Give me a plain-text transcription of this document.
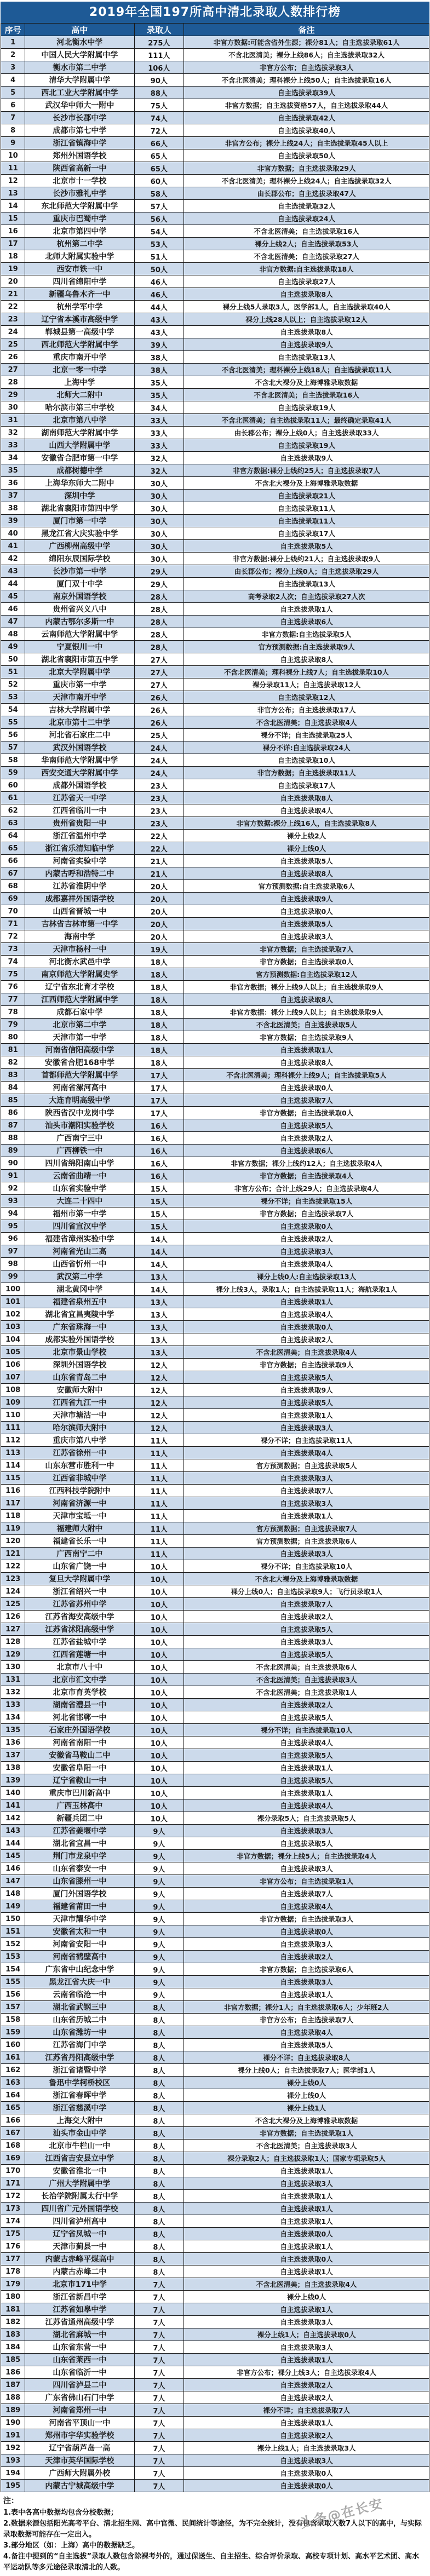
2019年全国197所高中清北录取人数排行榜
序号	高中	录取人	备注
1	河北衡水中学	275人	非官方数据:可能含省外生源；裸分81人；自主选拔录取61人
2	中国人民大学附属中学	111人	不含北医清美；裸分上线86人；自主选拔录取32人
3	衡水市第二中学	106人	非官方公布；自主选拔录取3人
4	清华大学附属中学	90人	不含北医清美；理科裸分上线50人；自主选拔录取16人
5	西北工业大学附属中学	88人	自主选拔录取39人
6	武汉华中师大一附中	75人	非官方数据；自主选拔资格57人，自主选拔录取44人
7	长沙市长郡中学	74人	自主选拔录取42人
8	成都市第七中学	72人	自主选拔录取40人
9	浙江省镇海中学	66人	非官方公布；裸分上线24人；自主选拔录取45人以上
10	郑州外国语学校	65人	自主选拔录取50人
11	陕西省高新一中	65人	非官方数据；自主选拔录取29人
12	北京市十一学校	60人	不含北医清美；理科裸分上线24人；自主选拔录取32人
13	长沙市雅礼中学	58人	由长郡公布；自主选拔录取47人
14	东北师范大学附属中学	57人	自主选拔录取32人
15	重庆市巴蜀中学	56人	自主选拔录取24人
16	北京市第四中学	54人	不含北医清美；自主选拔录取16人
17	杭州第二中学	53人	裸分上线2人；自主选拔录取53人
18	北师大附属实验中学	51人	不含北医清美；自主选拔录取27人
19	西安市铁一中	50人	非官方数据:自主选拔录取18人
20	四川省绵阳中学	46人	自主选拔录取27人
21	新疆乌鲁木齐一中	46人	自主选拔录取8人
22	杭州学军中学	44人	裸分上线5人录取3人，医学部1人，自主选拔录取40人
23	辽宁省本溪市高级中学	43人	裸分上线28人以上；自主选拔录取12人
24	郸城县第一高级中学	43人	自主选拔录取8人
25	西北师范大学附属中学	39人	自主选拔录取9人
26	重庆市南开中学	38人	自主选拔录取13人
27	北京一零一中学	38人	不含北医清美；理科裸分上线18人；自主选拔录取11人
28	上海中学	35人	不含北大裸分及上海博雅录取数据
29	北师大二附中	35人	不含北医清美；自主选拔录取16人
30	哈尔滨市第三中学校	34人	自主选拔录取19人
31	北京市第八中学	33人	不含北医清美；自主选拔录取11人；最终确定录取41人
32	湖南师范大学附属中学	33人	由长郡公布；裸分上线0人；自主选拔录取33人
33	山西大学附属中学	33人	自主选拔录取19人
34	安徽省合肥市第一中学	32人	自主选拔录取9人
35	成都树德中学	32人	非官方数据:裸分上线约25人；自主选拔录取7人
36	上海华东师大二附中	30人	不含北大裸分及上海博雅录取数据
37	深圳中学	30人	自主选拔录取21人
38	湖北省襄阳市第四中学	30人	自主选拔录取11人
39	厦门市第一中学	30人	自主选拔录取11人
40	黑龙江省大庆实验中学	30人	自主选拔录取17人
41	广西柳州高级中学	30人	自主选拔录取5人
42	绵阳东辰国际学校	30人	非官方数据:裸分上线约21人；自主选拔录取9人
43	长沙市第一中学	29人	由长郡公布；裸分上线0人；自主选拔录取29人
44	厦门双十中学	29人	自主选拔录取13人
45	南京外国语学校	28人	高考录取2人次；自主选拔录取27人次
46	贵州省兴义八中	28人	自主选拔录取1人
47	内蒙古鄂尔多斯一中	28人	自主选拔录取6人
48	云南师范大学附属中学	28人	非官方数据:自主选拔录取5人
49	宁夏银川一中	28人	官方预测数据:自主选拔录取9人
50	湖北省襄阳市第五中学	27人	自主选拔录取8人
51	北京大学附属中学	27人	不含北医清美；理科裸分上线7人；自主选拔录取10人
52	重庆市第一中学	27人	裸分录取11人；自主选拔录取12人
53	天津市南开中学	26人	自主选拔录取12人
54	吉林大学附属中学	26人	非官方公布；自主选拔录取17人
55	北京市第十二中学	26人	不含北医清美；自主选拔录取4人
56	河北省石家庄二中	25人	裸分不详；自主选拔录取25人
57	武汉外国语学校	24人	裸分不详:自主选拔录取24人
58	华南师范大学附属中学	24人	自主选拔录取10人
59	西安交通大学附属中学	24人	非官方数据；自主选拔录取11人
60	成都外国语学校	23人	自主选拔录取17人
61	江苏省天一中学	23人	自主选拔录取8人
62	江西省临川一中	23人	自主选拔录取4人
63	贵州省贵阳一中	23人	非官方数据:裸分上线16人，自主选拔录取8人
64	浙江省温州中学	22人	裸分上线2人
65	浙江省乐清知临中学	22人	裸分上线0人
66	河南省实验中学	21人	自主选拔录取5人
67	内蒙古呼和浩特二中	21人	自主选拔录取8人
68	江苏省淮阴中学	20人	官方预测数据:自主选拔录取6人
69	成都嘉祥外国语学校	20人	自主选拔录取9人
70	山西省晋城一中	20人	自主选拔录取0人
71	吉林省吉林市第一中学	20人	自主选拔录取5人
72	海南中学	20人	自主选拔录取3人
73	天津市杨村一中	19人	非官方数据；自主选拔录取7人
74	河北衡水武邑中学	18人	非官方数据；自主选拔录取0人
75	南京师范大学附属史学	18人	官方预测数据:自主选拔录取12人
76	辽宁省东北育才学校	18人	非官方数据；裸分上线9人以上；自主选拔录取9人
77	江西师范大学附属中学	18人	自主选拔录取8人
78	成都石室中学	18人	非官方数据：裸分上线9人以上；自主选拔录取9人
79	北京市第二中学	18人	不含北医清美；自主选拔录取5人
80	天津市第一中学	18人	非官方数据；自主选拔录取9人
81	河南省信阳高级中学	18人	自主选拔录取1人
82	安徽省合肥168中学	18人	自主选拔录取8人
83	首都师范大学附属中学	17人	不含北医清美；理科裸分上线9人；自主选拔录取5人
84	河南省漯河高中	17人	自主选拔录取0人
85	大连育明高级中学	17人	自主选拔录取7人
86	陕西省汉中龙岗中学	17人	非官方数据；自主选拔录取0人
87	汕头市潮阳实验学校	16人	自主选拔录取5人
88	广西南宁三中	16人	自主选拔录取2人
89	广西柳铁一中	16人	自主选拔录取6人
90	四川省绵阳南山中学	16人	非官方数据；裸分上线约12人；自主选拔录取4人
91	云南省曲靖一中	16人	非官方数据；自主选拔录取4人
92	山东省实验中学	15人	非官方公布；合计上线29人；自主选拔录取4人
93	大连二十四中	15人	裸分不详；自主选拔录取15人
94	福州市第一中学	15人	非官方数据；自主选拔录取7人
95	四川省宣汉中学	15人	自主选拔录取0人
96	福建省漳州实验中学	14人	自主选拔录取2人
97	河南省光山二高	14人	自主选拔录取3人
98	山西省忻州一中	14人	自主选拔录取4人
99	武汉第二中学	13人	裸分上线0人:自主选拔录取13人
100	湖北黄冈中学	14人	裸分上线3人，录取1人；自主选拔录取11人；海航录取1人
101	福建省泉州五中	13人	自主选拔录取1人
102	湖北省宜昌夷陵中学	13人	自主选拔录取4人
103	广东省珠海一中	13人	自主选拔录取0人
104	成都实验外国语学校	13人	自主选拔录取2人
105	北京市景山学校	13人	不含北医清美；自主选拔录取4人
106	深圳外国语学校	12人	非官方数据；自主选拔录取9人
107	山东省青岛二中	12人	自主选拔录取5人
108	安徽师大附中	12人	自主选拔录取9人
109	江西省九江一中	12人	自主选拔录取5人
110	天津市塘沽一中	12人	自主选拔录取1人
111	哈尔滨师大附中	12人	自主选拔录取3人
112	重庆市第八中学	11人	裸分不详；自主选拔录取11人
113	江苏省徐州一中	11人	自主选拔录取4人
114	山东东营市胜利一中	11人	官方预测数据；自主选拔录取5人
115	江西省非城中学	11人	自主选拔录取3人
116	江西科技学院附中	11人	自主选拔录取7人
117	河南省济源一中	11人	自主选拔录取3人
118	天津市宝坻一中	11人	自主选拔录取1人
119	福建师大附中	11人	官方预测数据；自主选拔录取7人
120	福建省长乐一中	11人	官方预测数据；自主选拔录取6人
121	广西南宁二中	11人	自主选拔录取3人
122	山东省广饶一中	10人	裸分不详；自主选拔录取10人
123	复旦大学附属中学	10人	不含北大裸分及上海博雅录取数据
124	浙江省绍兴一中	10人	裸分上线0人；自主选拔录取9人；飞行员录取1人
125	江苏省苏州中学	10人	自主选拔录取7人
126	江苏省海安高级中学	10人	自主选拔录取2人
127	江苏省沭阳高级中学	10人	自主选拔录取5人
128	江苏省盐城中学	10人	自主选拔录取3人
129	江西省莲塘一中	10人	自主选拔录取5人
130	北京市八十中	10人	不含北医清美；自主选拔录取6人
131	北京市汇文中学	10人	不含北医清美；自主选拔录取3人
132	北京市育英学校	10人	不含北医清美；自主选拔录取1人
133	湖南省澧县一中	10人	自主选拔录取2人
134	河北省邯郸一中	10人	自主选拔录取5人
135	石家庄外国语学校	10人	裸分不详；自主选拔录取10人
136	河南省南阳一中	10人	自主选拔录取4人
137	安徽省马鞍山二中	10人	自主选拔录取5人
138	安徽省阜阳一中	10人	自主选拔录取1人
139	辽宁省鞍山一中	10人	自主选拔录取5人
140	重庆市巴川新高中	10人	自主选拔录取1人
141	广西玉林高中	10人	自主选拔录取4人
142	新疆兵团二中	10人	裸分录取5人；自主选拔录取5人
143	江苏省姜堰中学	9人	自主选拔录取3人
144	湖北省宜昌一中	9人	自主选拔录取5人
145	荆门市龙泉中学	9人	非官方数据；裸分上线5人；自主选拔录取4人
146	山东省泰安一中	9人	自主选拔录取3人
147	山东省滕州一中	9人	非官方公布；自主选拔录取1人
148	厦门外国语学校	9人	自主选拔录取7人
149	福建省莆田一中	9人	自主选拔录取4人
150	天津市耀华中学	9人	非官方数据；自主选拔录取3人
151	安徽省太和一中	9人	自主选拔录取0人
152	河南省安阳一中	9人	自主选拔录取3人
153	河南省鹤壁高中	9人	自主选拔录取2人
154	广东省中山纪念中学	9人	非官方数据；自主选拔录取6人
155	黑龙江省大庆一中	9人	自主选拔录取3人
156	云南省临沧一中	9人	自主选拔录取1人
157	湖北省武钢三中	8人	非官方数据；裸分1人；自主选拔录取6人；少年班2人
158	山东省历城二中	8人	非官方公布；自主选拔录取7人
159	山东省潍坊一中	8人	自主选拔录取4人
160	江苏省海门中学	8人	自主选拔录取5人
161	江苏省丹阳高级中学	8人	裸分不详；自主选拔录取8人
162	浙江省诸暨中学	8人	裸分上线0人；自主选拔录取7人；医学部1人
163	鲁迅中学柯桥校区	8人	裸分上线0人
164	浙江省春晖中学	8人	裸分上线0人
165	浙江省慈溪中学	8人	裸分上线1人
166	上海交大附中	8人	不含北大裸分及上海博雅录取数据
167	汕头市金山中学	8人	非官方数据；自主选拔录取1人
168	北京市牛栏山一中	8人	不含北医清美；自主选拔录取3人
169	江西省吉安县立中学	8人	裸分录取2人；自主选拔录取1人；国家专项录取5人
170	安徽省淮北一中	8人	自主选拔录取1人
171	广州大学附属中学	8人	自主选拔录取3人
172	长治学院附属太行中学	8人	自主选拔录取1人
173	四川省广元外国语学校	8人	自主选拔录取1人
174	四川省泸州高中	8人	自主选拔录取1人
175	辽宁省凤城一中	8人	自主选拔录取0人
176	天津市蓟县一中	8人	自主选拔录取1人
177	内蒙古赤峰平煤高中	8人	自主选拔录取0人
178	内蒙古赤峰二中	8人	自主选拔录取1人
179	北京市171中学	7人	不含北医清美；自主选拔录取4人
180	浙江省新昌中学	7人	裸分上线0人
181	江苏省如皋中学	7人	自主选拔录取1人
182	江苏省通州高级中学	7人	自主选拔录取3人
183	湖北省麻城一中	7人	裸分上线1人；自主选拔录取0人
184	山东省东营一中	7人	自主选拔录取3人
185	山东省莱西一中	7人	自主选拔录取1人
186	山东省临沂一中	7人	非官方公布；裸分上线3人；自主选拔录取4人
187	四川省泸县二中	7人	自主选拔录取2人
188	广东省佛山石门中学	7人	自主选拔录取2人
189	河南省郑州一中	7人	裸分不详；自主选拔录取7人
190	河南省平顶山一中	7人	自主选拔录取1人
191	郑州市宇华实验学校	7人	自主选拔录取2人
192	辽宁省葫芦岛一高	7人	裸分上线1人；自主选拔录取3人
193	天津市英华国际学校	7人	自主选拔录取3人
194	广西师大附属外校	7人	自主选拔录取0人
195	内蒙古宁城高级中学	7人	自主选拔录取0人
注：
1.表中各高中数据均包含分校数据；
2.数据来源包括阳光高考平台、清北招生网、高中官微、民间统计等途径，为不完全统计，没有包含录取人数7人以下的高中，与实际录取数据可能存在一定出入。
3.部分地区（如：上海）高中的数据缺乏。
4.备注中提到的“自主选拔”录取人数包含除裸考外的，通过保送生、自主招生、综合评价录取、高校专项计划、高水平艺术团、高水平运动队等多元途径录取清北的人数。
头条@在长安
